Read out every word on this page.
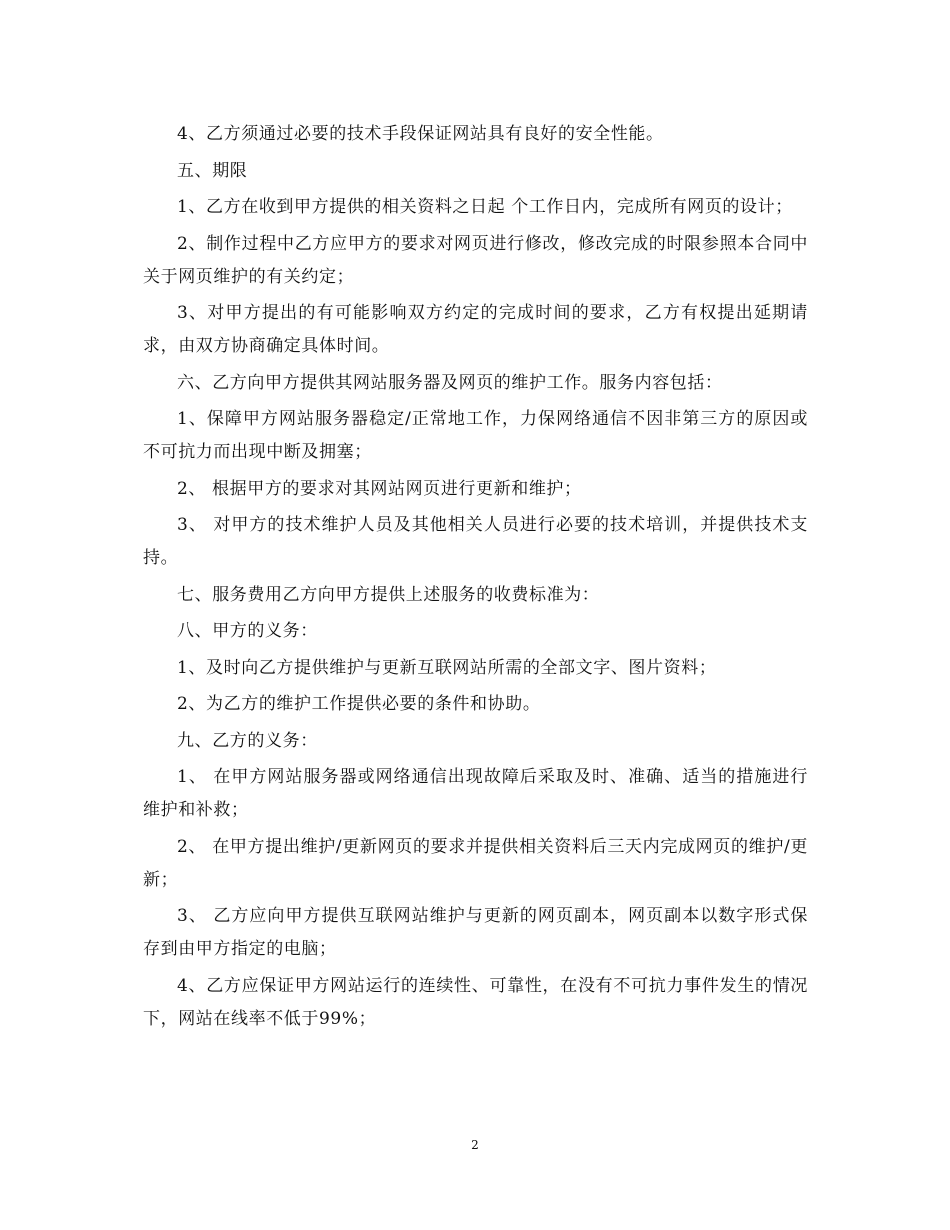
4、乙方须通过必要的技术手段保证网站具有良好的安全性能。

五、期限

1、乙方在收到甲方提供的相关资料之日起 个工作日内，完成所有网页的设计；

2、制作过程中乙方应甲方的要求对网页进行修改，修改完成的时限参照本合同中关于网页维护的有关约定；

3、对甲方提出的有可能影响双方约定的完成时间的要求，乙方有权提出延期请求，由双方协商确定具体时间。

六、乙方向甲方提供其网站服务器及网页的维护工作。服务内容包括：

1、保障甲方网站服务器稳定/正常地工作，力保网络通信不因非第三方的原因或不可抗力而出现中断及拥塞；

2、 根据甲方的要求对其网站网页进行更新和维护；

3、 对甲方的技术维护人员及其他相关人员进行必要的技术培训，并提供技术支持。

七、服务费用乙方向甲方提供上述服务的收费标准为：

八、甲方的义务：

1、及时向乙方提供维护与更新互联网站所需的全部文字、图片资料；

2、为乙方的维护工作提供必要的条件和协助。

九、乙方的义务：

1、 在甲方网站服务器或网络通信出现故障后采取及时、准确、适当的措施进行维护和补救；

2、 在甲方提出维护/更新网页的要求并提供相关资料后三天内完成网页的维护/更新；

3、 乙方应向甲方提供互联网站维护与更新的网页副本，网页副本以数字形式保存到由甲方指定的电脑；

4、乙方应保证甲方网站运行的连续性、可靠性，在没有不可抗力事件发生的情况下，网站在线率不低于99%；

2
